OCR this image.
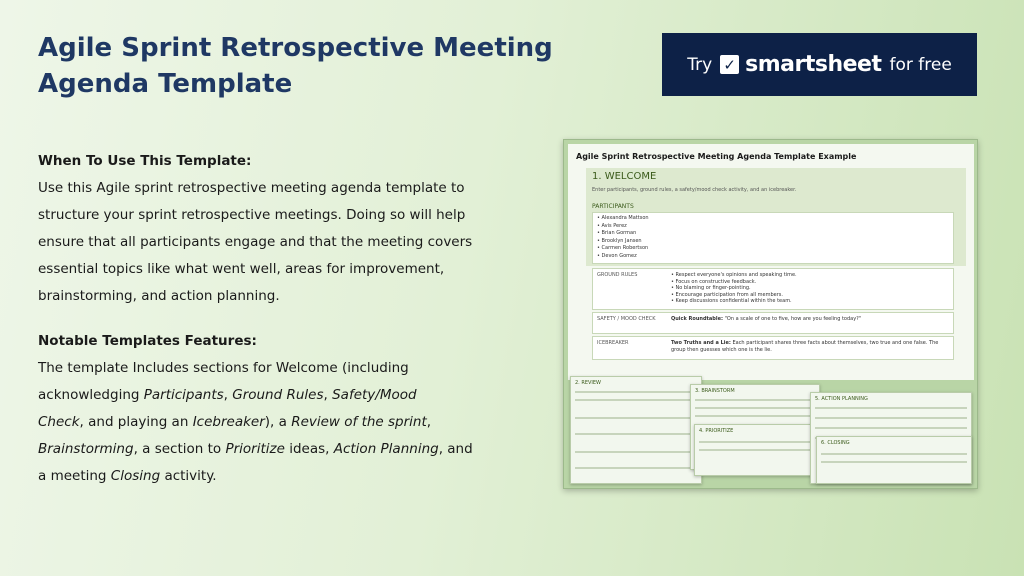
Agile Sprint Retrospective Meeting
Agenda Template
Try ✓ smartsheet for free
When To Use This Template:

Use this Agile sprint retrospective meeting agenda template to

structure your sprint retrospective meetings. Doing so will help

ensure that all participants engage and that the meeting covers

essential topics like what went well, areas for improvement,

brainstorming, and action planning.

Notable Templates Features:

The template Includes sections for Welcome (including

acknowledging Participants, Ground Rules, Safety/Mood

Check, and playing an Icebreaker), a Review of the sprint,

Brainstorming, a section to Prioritize ideas, Action Planning, and

a meeting Closing activity.

Agile Sprint Retrospective Meeting Agenda Template Example
1. WELCOME
Enter participants, ground rules, a safety/mood check activity, and an icebreaker.
PARTICIPANTS
• Alexandra Mattson
• Avis Perez
• Brian Gorman
• Brooklyn Jansen
• Carmen Robertson
• Devon Gomez
GROUND RULES	• Respect everyone's opinions and speaking time.
• Focus on constructive feedback.
• No blaming or finger-pointing.
• Encourage participation from all members.
• Keep discussions confidential within the team.
SAFETY / MOOD CHECK	Quick Roundtable: "On a scale of one to five, how are you feeling today?"
ICEBREAKER	Two Truths and a Lie: Each participant shares three facts about themselves, two true and one false. The group then guesses which one is the lie.
2. REVIEW
3. BRAINSTORM
4. PRIORITIZE
5. ACTION PLANNING
6. CLOSING
